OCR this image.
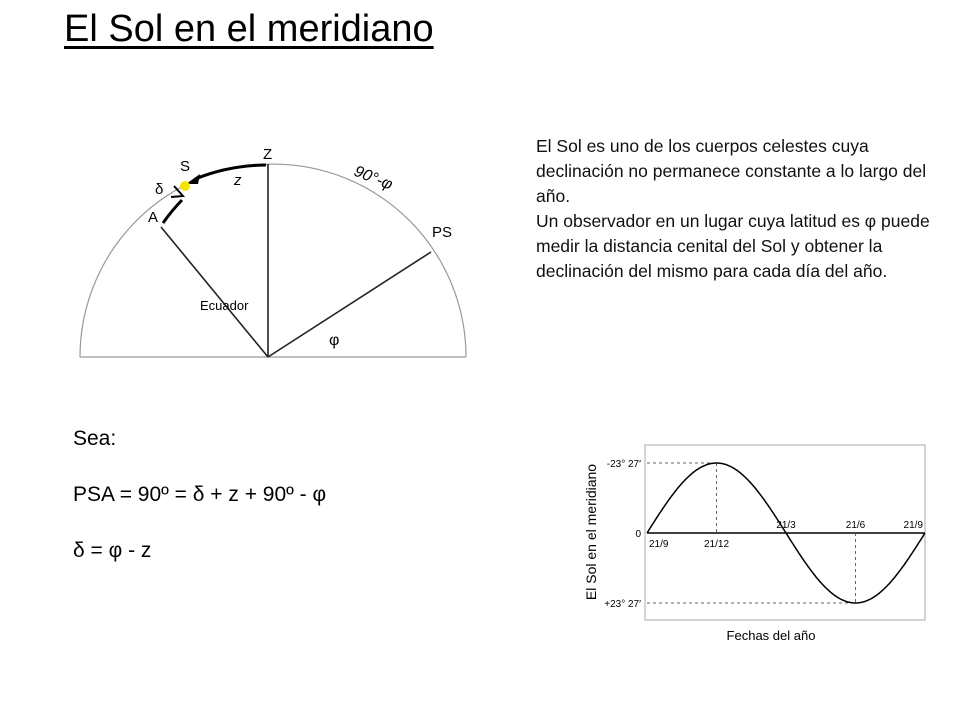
El Sol en el meridiano

El Sol es uno de los cuerpos celestes cuya declinación no permanece constante a lo largo del año.

Un observador en un lugar cuya latitud es φ puede medir la distancia cenital del Sol y obtener la declinación del mismo para cada día del año.

Sea:
PSA = 90º = δ + z + 90º - φ
δ = φ - z
Z
S
δ
A
z	90°-φ
PS
Ecuador
φ
-23° 27′
0
+23° 27′
21/9	21/12
21/3	21/6	21/9
Fechas del año
El Sol en el meridiano
